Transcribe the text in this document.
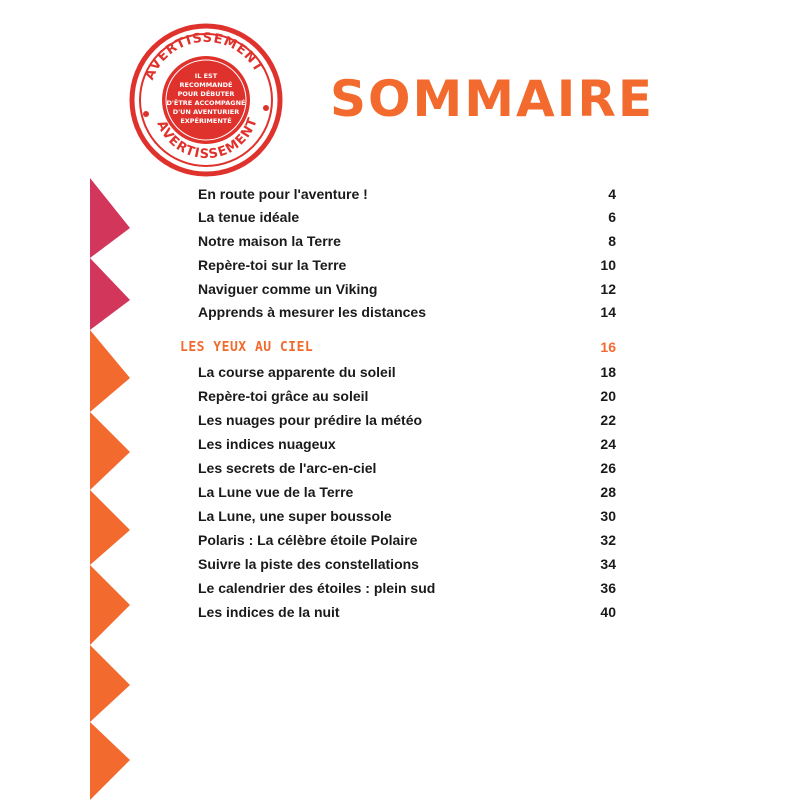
AVERTISSEMENT
AVERTISSEMENT
IL EST
RECOMMANDÉ
POUR DÉBUTER
D'ÊTRE ACCOMPAGNÉ
D'UN AVENTURIER
EXPÉRIMENTÉ SOMMAIRE
En route pour l'aventure !	4
La tenue idéale	6
Notre maison la Terre	8
Repère-toi sur la Terre	10
Naviguer comme un Viking	12
Apprends à mesurer les distances	14
LES YEUX AU CIEL	16
La course apparente du soleil	18
Repère-toi grâce au soleil	20
Les nuages pour prédire la météo	22
Les indices nuageux	24
Les secrets de l'arc-en-ciel	26
La Lune vue de la Terre	28
La Lune, une super boussole	30
Polaris : La célèbre étoile Polaire	32
Suivre la piste des constellations	34
Le calendrier des étoiles : plein sud	36
Les indices de la nuit	40
